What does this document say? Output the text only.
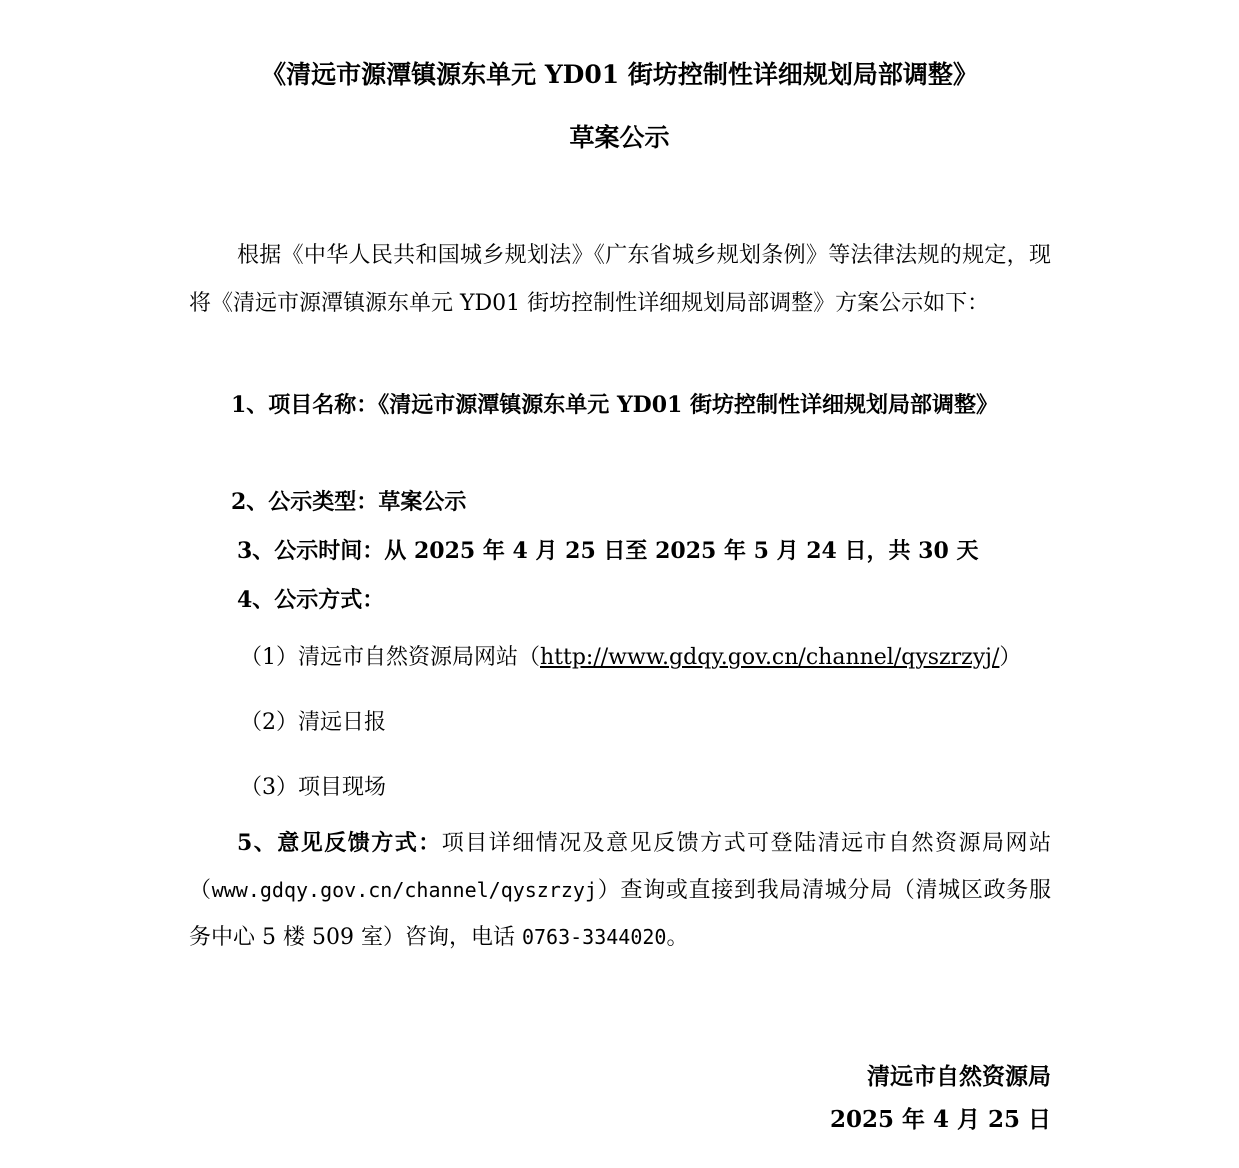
《清远市源潭镇源东单元 YD01 街坊控制性详细规划局部调整》
草案公示
根据《中华人民共和国城乡规划法》《广东省城乡规划条例》等法律法规的规定，现将《清远市源潭镇源东单元 YD01 街坊控制性详细规划局部调整》方案公示如下：
1、项目名称：《清远市源潭镇源东单元 YD01 街坊控制性详细规划局部调整》
2、公示类型：草案公示
3、公示时间：从 2025 年 4 月 25 日至 2025 年 5 月 24 日，共 30 天
4、公示方式：
（1）清远市自然资源局网站（http://www.gdqy.gov.cn/channel/qyszrzyj/）
（2）清远日报
（3）项目现场
5、意见反馈方式：项目详细情况及意见反馈方式可登陆清远市自然资源局网站（www.gdqy.gov.cn/channel/qyszrzyj）查询或直接到我局清城分局（清城区政务服务中心 5 楼 509 室）咨询，电话 0763-3344020。
清远市自然资源局
2025 年 4 月 25 日
